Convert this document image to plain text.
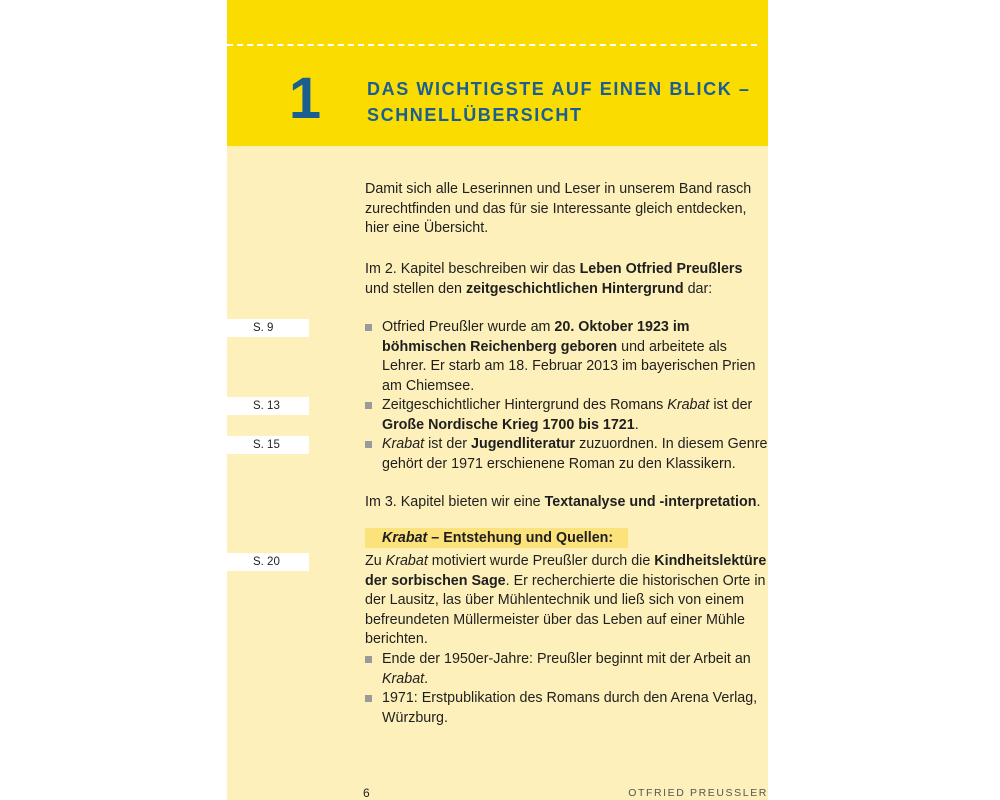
1	DAS WICHTIGSTE AUF EINEN BLICK –
SCHNELLÜBERSICHT
Damit sich alle Leserinnen und Leser in unserem Band rasch zurechtfinden und das für sie Interessante gleich entdecken, hier eine Übersicht.
Im 2. Kapitel beschreiben wir das Leben Otfried Preußlers und stellen den zeitgeschichtlichen Hintergrund dar:
S. 9
S. 13
S. 15
S. 20
Otfried Preußler wurde am 20. Oktober 1923 im böhmischen Reichenberg geboren und arbeitete als Lehrer. Er starb am 18. Februar 2013 im bayerischen Prien am Chiemsee.
Zeitgeschichtlicher Hintergrund des Romans Krabat ist der Große Nordische Krieg 1700 bis 1721.
Krabat ist der Jugendliteratur zuzuordnen. In diesem Genre gehört der 1971 erschienene Roman zu den Klassikern.
Im 3. Kapitel bieten wir eine Textanalyse und -interpretation.
Krabat – Entstehung und Quellen:
Zu Krabat motiviert wurde Preußler durch die Kindheitslektüre der sorbischen Sage. Er recherchierte die historischen Orte in der Lausitz, las über Mühlentechnik und ließ sich von einem befreundeten Müllermeister über das Leben auf einer Mühle berichten.
Ende der 1950er-Jahre: Preußler beginnt mit der Arbeit an Krabat.
1971: Erstpublikation des Romans durch den Arena Verlag, Würzburg.
6	OTFRIED PREUSSLER
